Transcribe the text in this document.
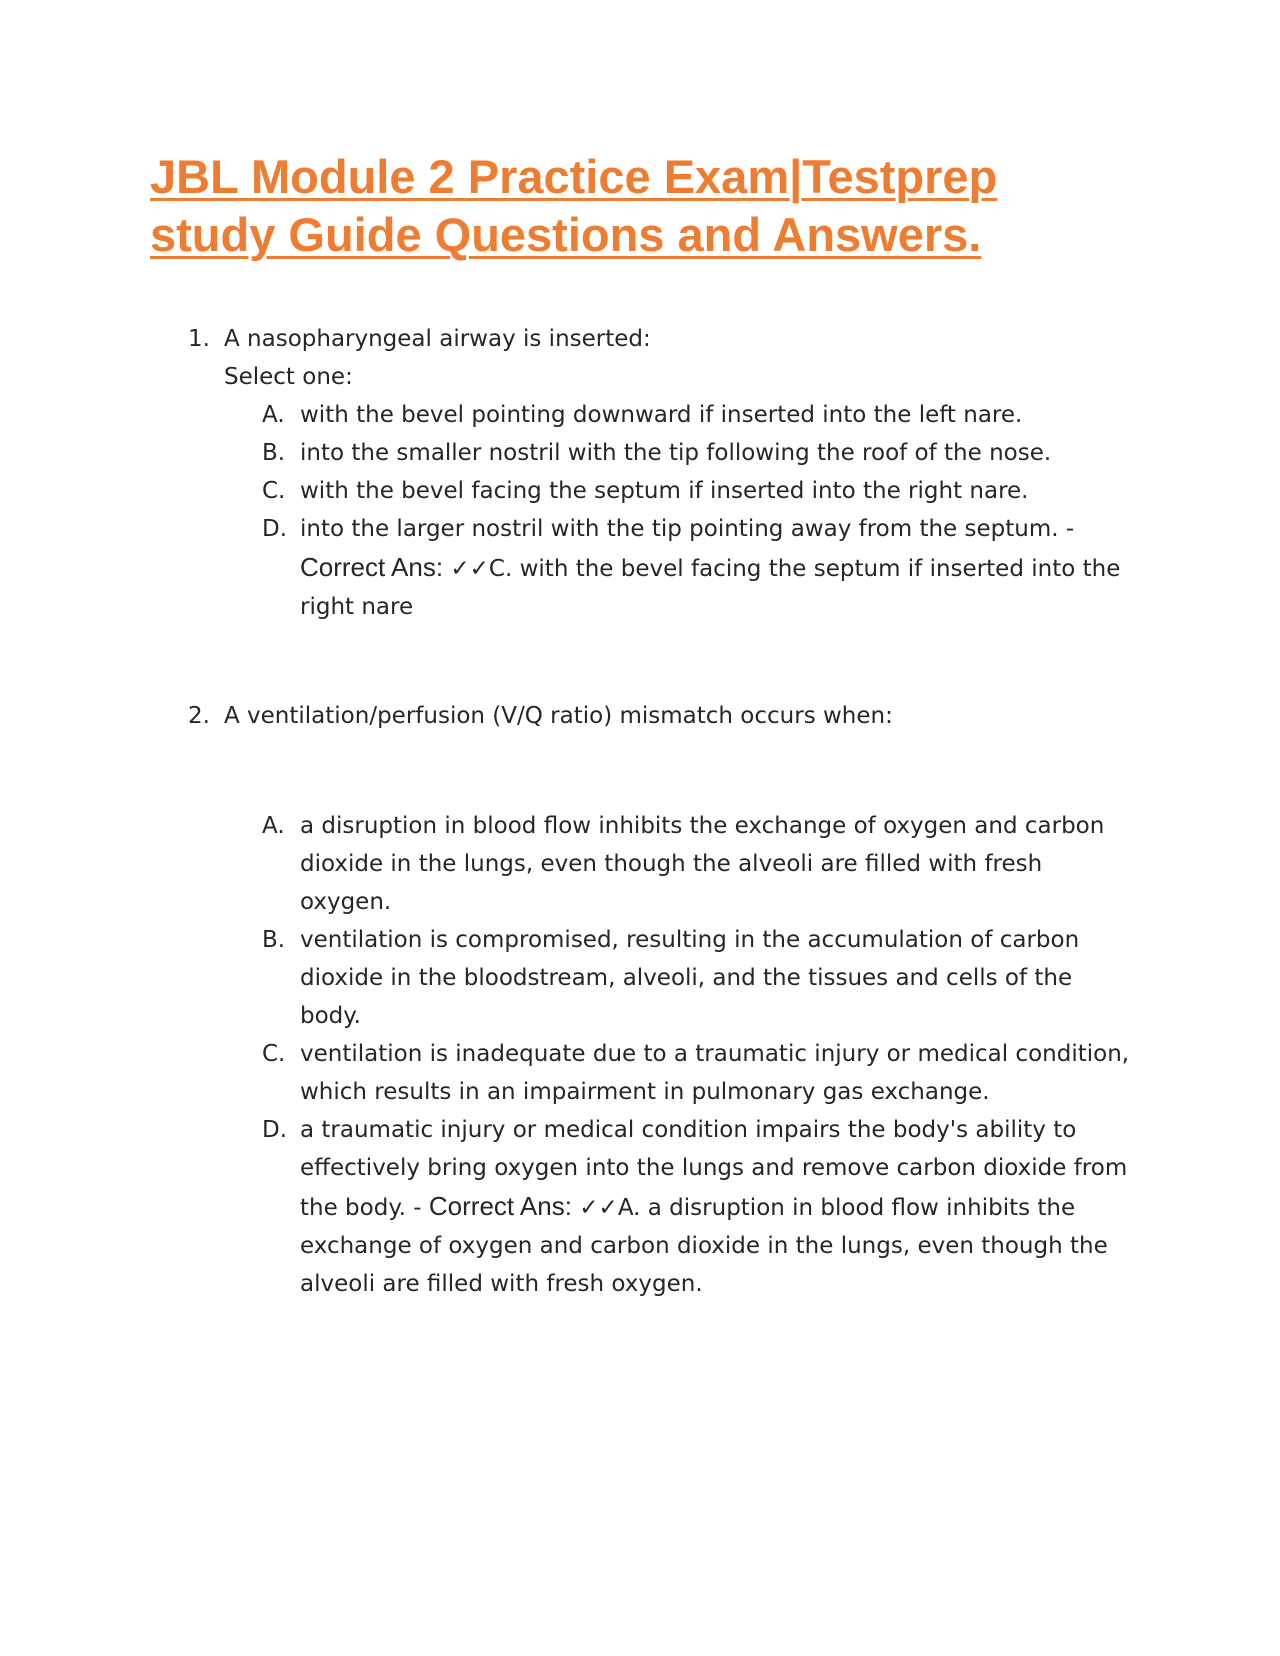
JBL Module 2 Practice Exam|Testprep
study Guide Questions and Answers.
1. A nasopharyngeal airway is inserted:
Select one:
A. with the bevel pointing downward if inserted into the left nare.
B. into the smaller nostril with the tip following the roof of the nose.
C. with the bevel facing the septum if inserted into the right nare.
D. into the larger nostril with the tip pointing away from the septum. - Correct Ans: ✓✓C. with the bevel facing the septum if inserted into the right nare
2. A ventilation/perfusion (V/Q ratio) mismatch occurs when:
A. a disruption in blood flow inhibits the exchange of oxygen and carbon dioxide in the lungs, even though the alveoli are filled with fresh oxygen.
B. ventilation is compromised, resulting in the accumulation of carbon dioxide in the bloodstream, alveoli, and the tissues and cells of the body.
C. ventilation is inadequate due to a traumatic injury or medical condition, which results in an impairment in pulmonary gas exchange.
D. a traumatic injury or medical condition impairs the body's ability to effectively bring oxygen into the lungs and remove carbon dioxide from the body. - Correct Ans: ✓✓A. a disruption in blood flow inhibits the exchange of oxygen and carbon dioxide in the lungs, even though the alveoli are filled with fresh oxygen.
